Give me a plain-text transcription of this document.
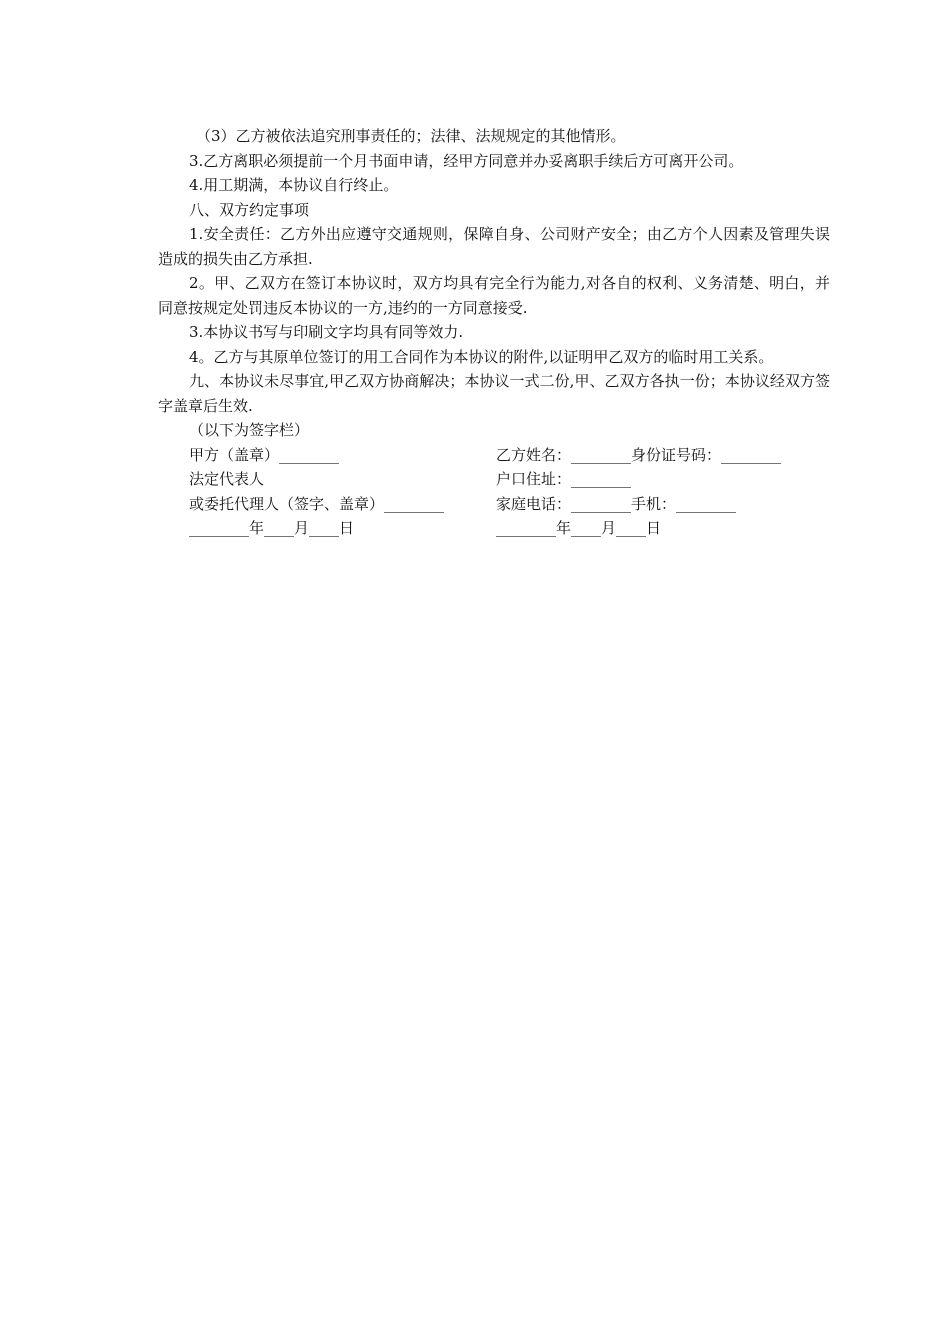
（3）乙方被依法追究刑事责任的；法律、法规规定的其他情形。

3.乙方离职必须提前一个月书面申请，经甲方同意并办妥离职手续后方可离开公司。

4.用工期满，本协议自行终止。

八、双方约定事项

1.安全责任：乙方外出应遵守交通规则，保障自身、公司财产安全；由乙方个人因素及管理失误造成的损失由乙方承担.

2。甲、乙双方在签订本协议时，双方均具有完全行为能力,对各自的权利、义务清楚、明白，并同意按规定处罚违反本协议的一方,违约的一方同意接受.

3.本协议书写与印刷文字均具有同等效力.

4。乙方与其原单位签订的用工合同作为本协议的附件,以证明甲乙双方的临时用工关系。

九、本协议未尽事宜,甲乙双方协商解决；本协议一式二份,甲、乙双方各执一份；本协议经双方签字盖章后生效.

（以下为签字栏）

甲方（盖章）________	乙方姓名：________身份证号码：________
法定代表人	户口住址：________
或委托代理人（签字、盖章）________	家庭电话：________手机：________
________年____月____日	________年____月____日
